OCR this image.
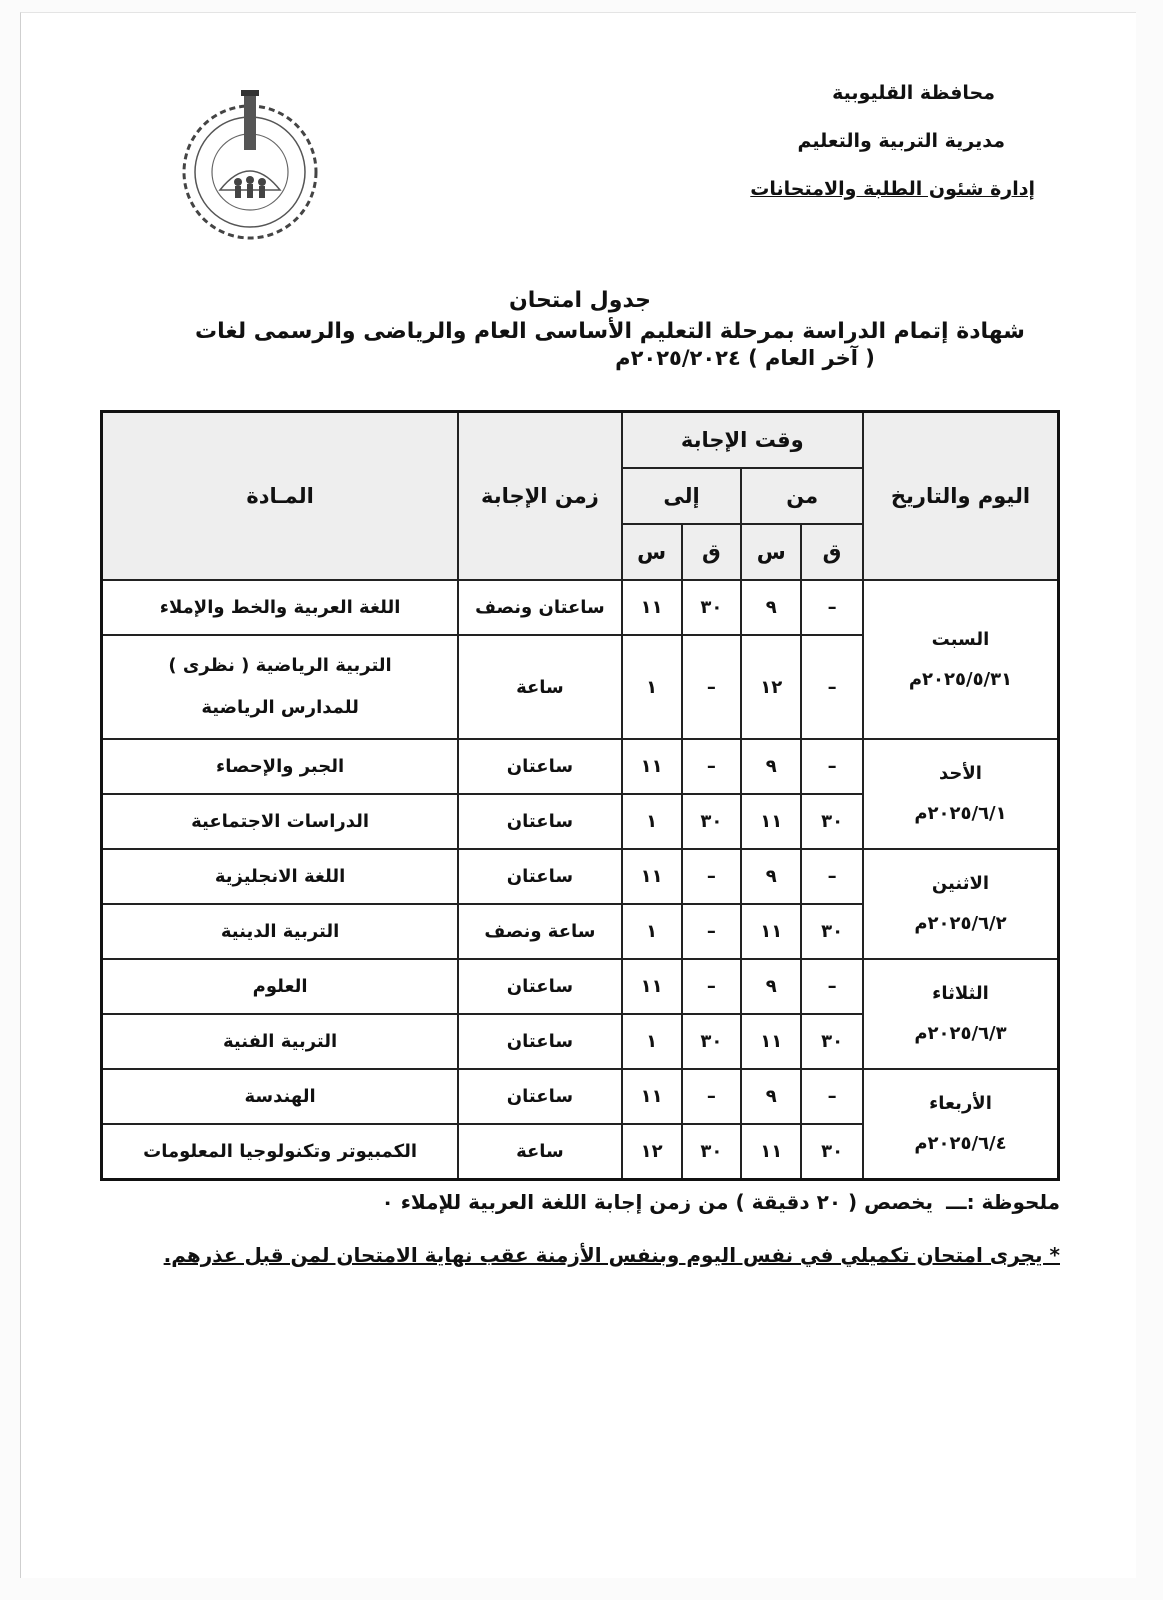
محافظة القليوبية
مديرية التربية والتعليم
إدارة شئون الطلبة والامتحانات
جدول امتحان
شهادة إتمام الدراسة بمرحلة التعليم الأساسى العام والرياضى والرسمى لغات
( آخر العام ) ٢٠٢٥/٢٠٢٤م
اليوم والتاريخ	وقت الإجابة				زمن الإجابة	المـادة
	من		إلى			
	ق	س	ق	س		

السبت
٢٠٢٥/٥/٣١م	–	٩	٣٠	١١	ساعتان ونصف	اللغة العربية والخط والإملاء
	–	١٢	–	١	ساعة	التربية الرياضية ( نظرى )
للمدارس الرياضية

الأحد
٢٠٢٥/٦/١م	–	٩	–	١١	ساعتان	الجبر والإحصاء
	٣٠	١١	٣٠	١	ساعتان	الدراسات الاجتماعية

الاثنين
٢٠٢٥/٦/٢م	–	٩	–	١١	ساعتان	اللغة الانجليزية
	٣٠	١١	–	١	ساعة ونصف	التربية الدينية

الثلاثاء
٢٠٢٥/٦/٣م	–	٩	–	١١	ساعتان	العلوم
	٣٠	١١	٣٠	١	ساعتان	التربية الفنية

الأربعاء
٢٠٢٥/٦/٤م	–	٩	–	١١	ساعتان	الهندسة
	٣٠	١١	٣٠	١٢	ساعة	الكمبيوتر وتكنولوجيا المعلومات
ملحوظة :ـــ يخصص ( ٢٠ دقيقة ) من زمن إجابة اللغة العربية للإملاء ٠
* يجرى امتحان تكميلي في نفس اليوم وبنفس الأزمنة عقب نهاية الامتحان لمن قبل عذرهم.
